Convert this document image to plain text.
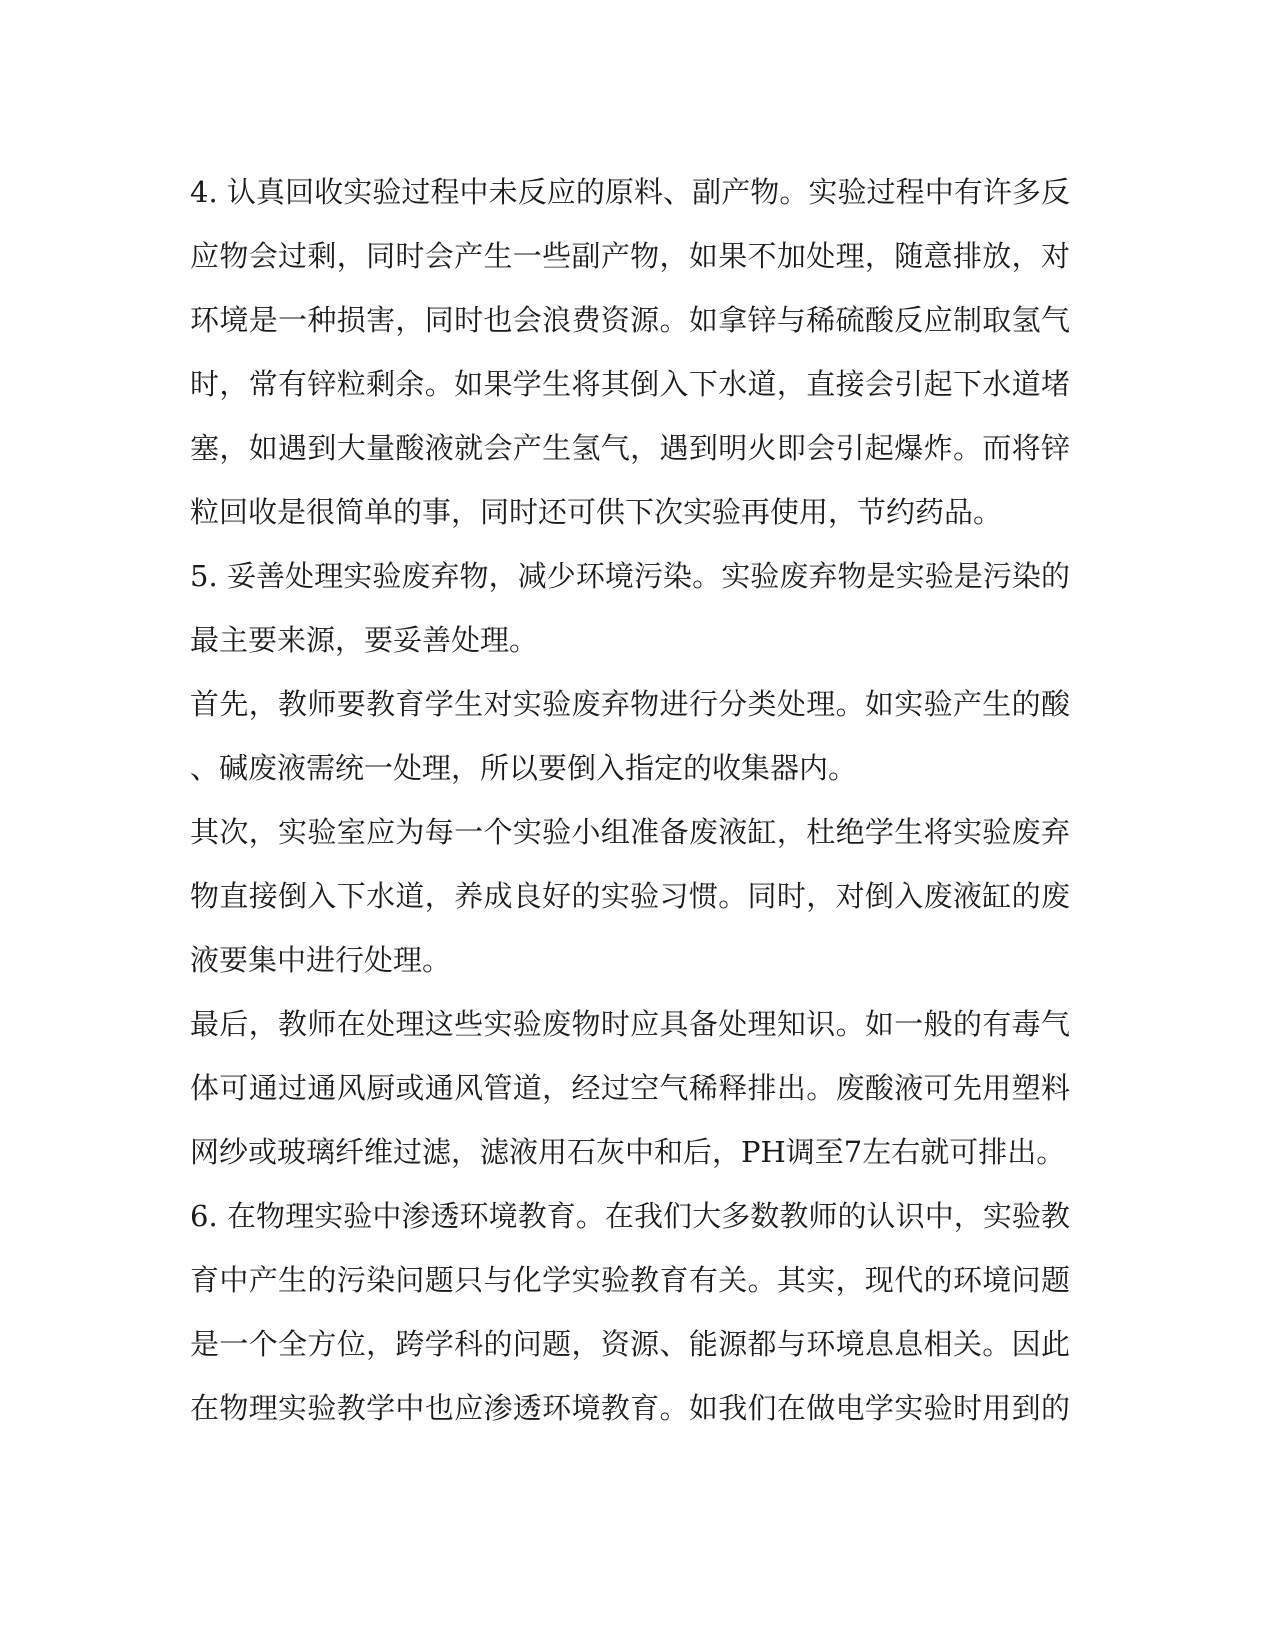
4. 认真回收实验过程中未反应的原料、副产物。实验过程中有许多反
应物会过剩，同时会产生一些副产物，如果不加处理，随意排放，对
环境是一种损害，同时也会浪费资源。如拿锌与稀硫酸反应制取氢气
时，常有锌粒剩余。如果学生将其倒入下水道，直接会引起下水道堵
塞，如遇到大量酸液就会产生氢气，遇到明火即会引起爆炸。而将锌
粒回收是很简单的事，同时还可供下次实验再使用，节约药品。
5. 妥善处理实验废弃物，减少环境污染。实验废弃物是实验是污染的
最主要来源，要妥善处理。
首先，教师要教育学生对实验废弃物进行分类处理。如实验产生的酸
、碱废液需统一处理，所以要倒入指定的收集器内。
其次，实验室应为每一个实验小组准备废液缸，杜绝学生将实验废弃
物直接倒入下水道，养成良好的实验习惯。同时，对倒入废液缸的废
液要集中进行处理。
最后，教师在处理这些实验废物时应具备处理知识。如一般的有毒气
体可通过通风厨或通风管道，经过空气稀释排出。废酸液可先用塑料
网纱或玻璃纤维过滤，滤液用石灰中和后，PH调至7左右就可排出。
6. 在物理实验中渗透环境教育。在我们大多数教师的认识中，实验教
育中产生的污染问题只与化学实验教育有关。其实，现代的环境问题
是一个全方位，跨学科的问题，资源、能源都与环境息息相关。因此
在物理实验教学中也应渗透环境教育。如我们在做电学实验时用到的
